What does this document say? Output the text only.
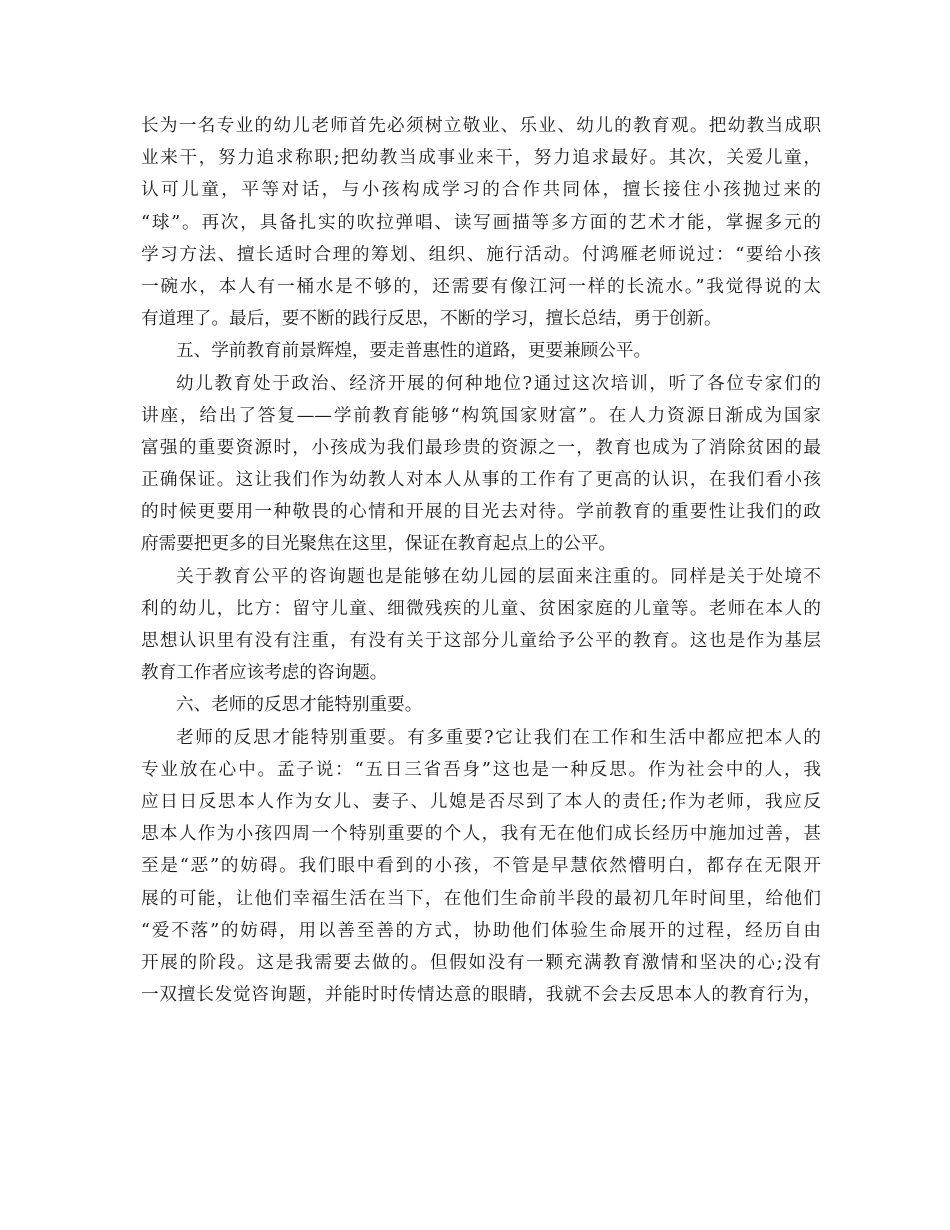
长为一名专业的幼儿老师首先必须树立敬业、乐业、幼儿的教育观。把幼教当成职
业来干，努力追求称职;把幼教当成事业来干，努力追求最好。其次，关爱儿童，
认可儿童，平等对话，与小孩构成学习的合作共同体，擅长接住小孩抛过来的
“球”。再次，具备扎实的吹拉弹唱、读写画描等多方面的艺术才能，掌握多元的
学习方法、擅长适时合理的筹划、组织、施行活动。付鸿雁老师说过：“要给小孩
一碗水，本人有一桶水是不够的，还需要有像江河一样的长流水。”我觉得说的太
有道理了。最后，要不断的践行反思，不断的学习，擅长总结，勇于创新。
五、学前教育前景辉煌，要走普惠性的道路，更要兼顾公平。
幼儿教育处于政治、经济开展的何种地位?通过这次培训，听了各位专家们的
讲座，给出了答复——学前教育能够“构筑国家财富”。在人力资源日渐成为国家
富强的重要资源时，小孩成为我们最珍贵的资源之一，教育也成为了消除贫困的最
正确保证。这让我们作为幼教人对本人从事的工作有了更高的认识，在我们看小孩
的时候更要用一种敬畏的心情和开展的目光去对待。学前教育的重要性让我们的政
府需要把更多的目光聚焦在这里，保证在教育起点上的公平。
关于教育公平的咨询题也是能够在幼儿园的层面来注重的。同样是关于处境不
利的幼儿，比方：留守儿童、细微残疾的儿童、贫困家庭的儿童等。老师在本人的
思想认识里有没有注重，有没有关于这部分儿童给予公平的教育。这也是作为基层
教育工作者应该考虑的咨询题。
六、老师的反思才能特别重要。
老师的反思才能特别重要。有多重要?它让我们在工作和生活中都应把本人的
专业放在心中。孟子说：“五日三省吾身”这也是一种反思。作为社会中的人，我
应日日反思本人作为女儿、妻子、儿媳是否尽到了本人的责任;作为老师，我应反
思本人作为小孩四周一个特别重要的个人，我有无在他们成长经历中施加过善，甚
至是“恶”的妨碍。我们眼中看到的小孩，不管是早慧依然懵明白，都存在无限开
展的可能，让他们幸福生活在当下，在他们生命前半段的最初几年时间里，给他们
“爱不落”的妨碍，用以善至善的方式，协助他们体验生命展开的过程，经历自由
开展的阶段。这是我需要去做的。但假如没有一颗充满教育激情和坚决的心;没有
一双擅长发觉咨询题，并能时时传情达意的眼睛，我就不会去反思本人的教育行为，
